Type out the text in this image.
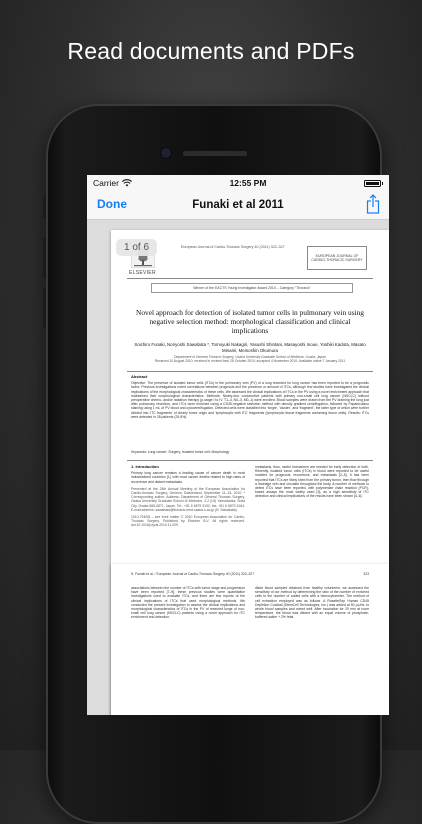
Read documents and PDFs
Carrier	12:55 PM
Done	Funaki et al 2011
European Journal of Cardio-Thoracic Surgery 40 (2011) 322–327
ELSEVIER
EUROPEAN JOURNAL OF CARDIO-THORACIC SURGERY
Winner of the EACTS Young Investigator Award 2010 – Category "Thoracic"
Novel approach for detection of isolated tumor cells in pulmonary vein using negative selection method: morphological classification and clinical implications
Soichiro Funaki, Noriyoshi Sawabata *, Tomoyuki Nakagiri, Yasushi Shintani, Masayoshi Inoue, Yoshiki Kadota, Masato Minami, Meinoshin Okumura
Department of General Thoracic Surgery, Osaka University Graduate School of Medicine, Osaka, Japan
Received 10 August 2010; received in revised form 28 October 2010; accepted 4 November 2010; Available online 7 January 2011
Abstract
Objective: The presence of isolated tumor cells (ITCs) in the pulmonary vein (PV) of a lung resected for lung cancer has been reported to be a prognostic factor. Previous investigations noted correlations between prognosis and the presence or amount of ITCs, although few studies have investigated the clinical implications of the morphological characteristics of these cells. We assessed the clinical implications of ITCs in the PV using a novel enrichment approach that maintained their morphological characteristics. Methods: Ninety-four consecutive patients with primary non-small cell lung cancer (NSCLC) without preoperative chemo- and/or radiation therapy (p-stage I to IV, T1–4, N0–3, M0–1) were enrolled. Blood samples were drawn from the PV draining the lung just after pulmonary resection, and ITCs were enriched using a CD45-negative selection method with density gradient centrifugation, followed by Papanicolaou staining using 1 mL of PV blood and cytocentrifugation. Detected cells were classified into 'single', 'cluster', and 'fragment', the latter type of which were further divided into 'ITC fragments' of clearly tumor origin and 'lymphocytic with ITC' fragments (lymphocytic tissue fragments containing tumor cells). Results: ITCs were detected in 28 patients (29.8%).
Keywords: Lung cancer; Surgery; Isolated tumor cell; Morphology
1. Introduction
Primary lung cancer remains a leading cause of cancer death in most industrialized countries [1], with most cancer deaths related to high rates of recurrence and distant metastasis.
Presented at the 24th Annual Meeting of the European Association for Cardio-thoracic Surgery, Geneva, Switzerland, September 11–15, 2010. * Corresponding author. Address: Department of General Thoracic Surgery, Osaka University Graduate School of Medicine, 2-2 (L5) Yamadaoka, Suita City, Osaka 565-0871, Japan. Tel.: +81 6 6879 3152; fax: +81 6 6879 3164. E-mail address: sawabata@thoracic.med.osaka-u.ac.jp (N. Sawabata).
1010-7940/$ – see front matter © 2010 European Association for Cardio-Thoracic Surgery. Published by Elsevier B.V. All rights reserved. doi:10.1016/j.ejcts.2010.11.029
metastasis, thus, useful biomarkers are needed for early detection of both. Recently, isolated tumor cells (ITCs) in blood were reported to be useful markers for prognosis, recurrence, and metastasis [2–5]. It has been reported that ITCs are likely shed from the primary tumor, then flow through a drainage vein and circulate throughout the body. A number of methods to detect ITCs have been reported, with polymerase chain reaction (PCR)-based assays the most widely used [3], as a high sensitivity of ITC detection and clinical implications of the results have been shown [4–6].
1 of 6
S. Funaki et al. / European Journal of Cardio-Thoracic Surgery 40 (2011) 322–327	323
associations between the number of ITCs with tumor stage and progression have been reported [7–9]; these previous studies were quantitative investigations used to evaluate ITCs, and there are few reports of the clinical implications of ITCs that used morphological methods. We conducted the present investigation to assess the clinical implications and morphological characteristics of ITCs in the PV of resected lungs of non-small cell lung cancer (NSCLC) patients using a novel approach for ITC enrichment and detection.
dilute blood samples obtained from healthy volunteers, we assessed the sensitivity of our method by determining the ratio of the number of enriched cells to the number of added cells with a hemocytometer. The method of cell extraction employed was as follows. A RosetteSep Human CD45 Depletion Cocktail (StemCell Technologies, Inc.) was added at 50 μL/mL to whole blood samples and mixed well. After incubation for 20 min at room temperature, the blood was diluted with an equal volume of phosphate-buffered saline + 2% fetal
